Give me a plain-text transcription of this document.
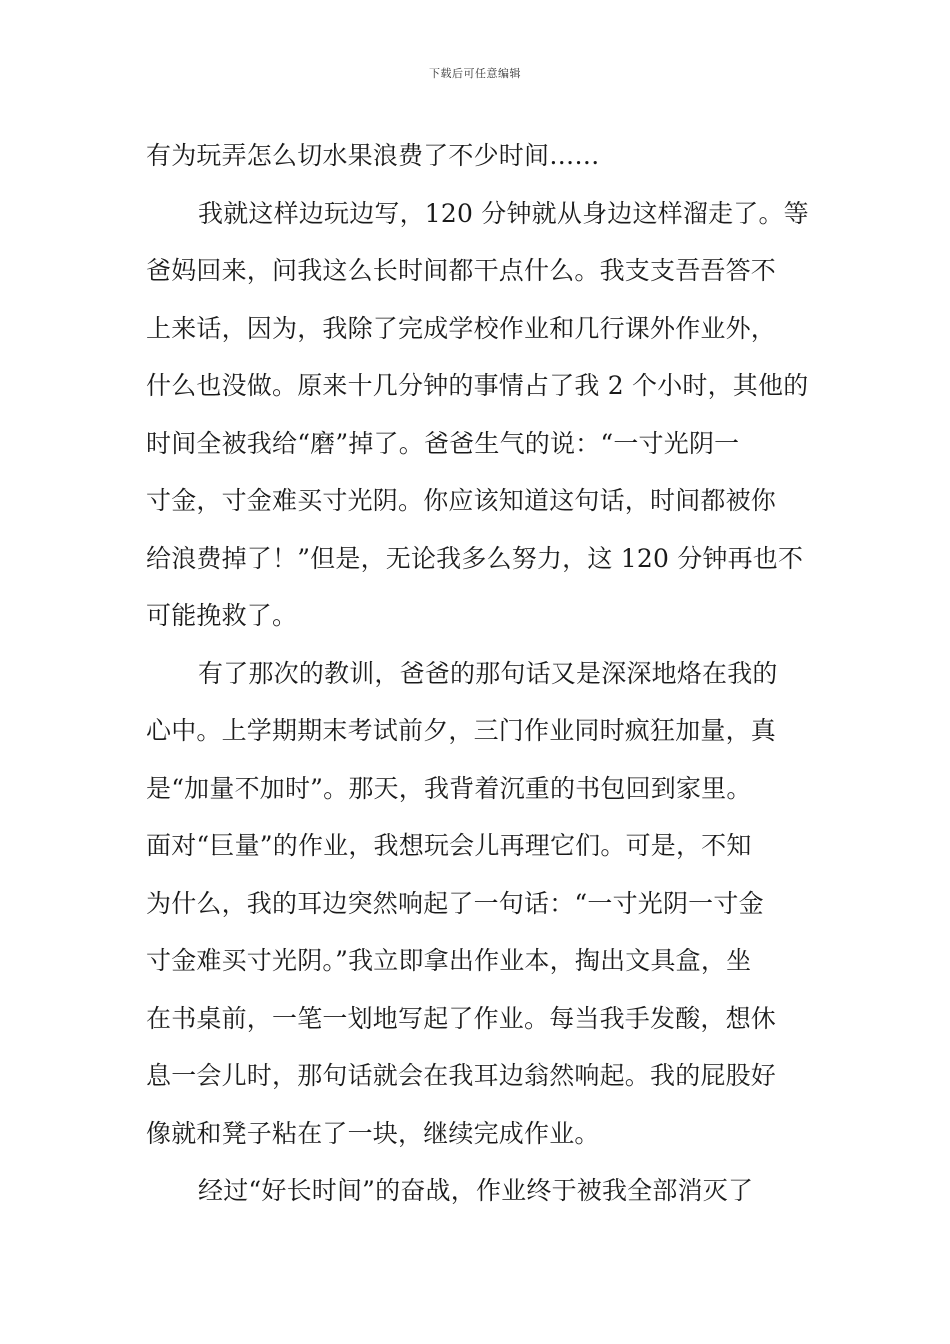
下载后可任意编辑
有为玩弄怎么切水果浪费了不少时间……
我就这样边玩边写，120 分钟就从身边这样溜走了。等
爸妈回来，问我这么长时间都干点什么。我支支吾吾答不
上来话，因为，我除了完成学校作业和几行课外作业外，
什么也没做。原来十几分钟的事情占了我 2 个小时，其他的
时间全被我给“磨”掉了。爸爸生气的说：“一寸光阴一
寸金，寸金难买寸光阴。你应该知道这句话，时间都被你
给浪费掉了！”但是，无论我多么努力，这 120 分钟再也不
可能挽救了。
有了那次的教训，爸爸的那句话又是深深地烙在我的
心中。上学期期末考试前夕，三门作业同时疯狂加量，真
是“加量不加时”。那天，我背着沉重的书包回到家里。
面对“巨量”的作业，我想玩会儿再理它们。可是，不知
为什么，我的耳边突然响起了一句话：“一寸光阴一寸金
寸金难买寸光阴。”我立即拿出作业本，掏出文具盒，坐
在书桌前，一笔一划地写起了作业。每当我手发酸，想休
息一会儿时，那句话就会在我耳边翁然响起。我的屁股好
像就和凳子粘在了一块，继续完成作业。
经过“好长时间”的奋战，作业终于被我全部消灭了
